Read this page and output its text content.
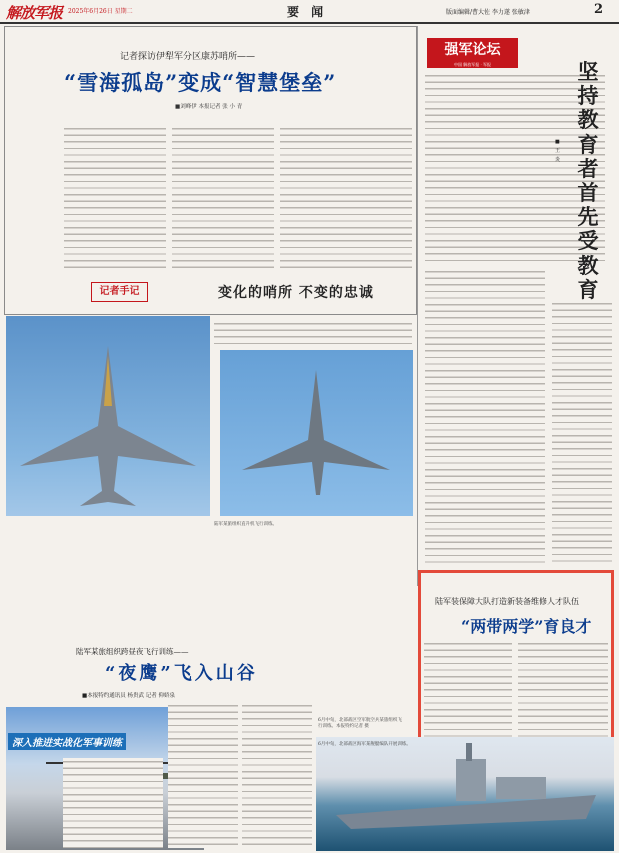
解放军报 2025年6月26日 星期二	要 闻	版面编辑/曹大佐 李力遂 张敏津	2
记者探访伊犁军分区康苏哨所——
“雪海孤岛”变成“智慧堡垒”
■刘峰伊 本报记者 张 小 青
记者手记	变化的哨所 不变的忠诚
强军论坛
中国 解放军报 · 军报	坚持教育者首先受教育
■王 炎
陆军装保障大队打造新装备维修人才队伍
“两带两学”育良才
陆军某旅组织跨昼夜飞行训练——
“夜鹰”飞入山谷
■本报特约通讯员 杨贵武 记者 仰娇泉
深入推进实战化军事训练
6月中旬，北部战区空军航空兵某旅组织飞行训练。本报特约记者 摄
6月中旬，北部战区海军某舰艇编队开展训练。
陆军某旅组织直升机飞行训练。
